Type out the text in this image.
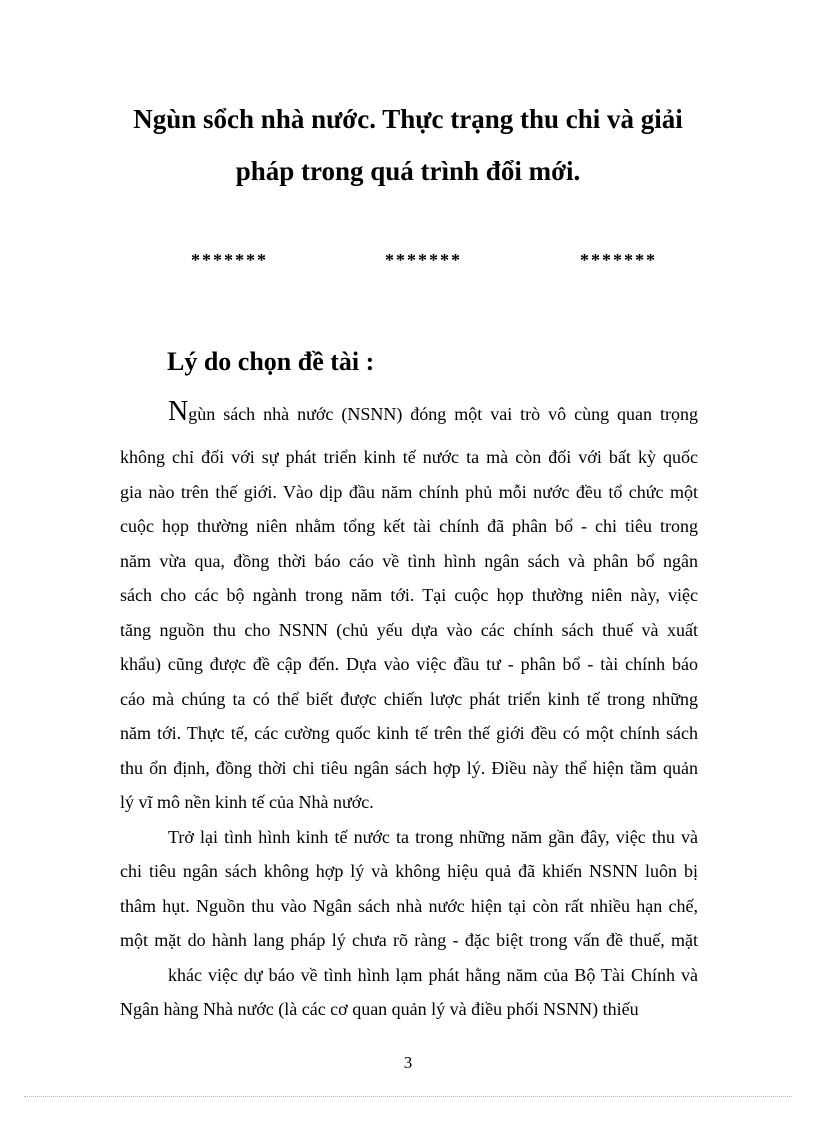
Ngùn sổch nhà nước. Thực trạng thu chi và giải
pháp trong quá trình đổi mới.
*******	*******	*******
Lý do chọn đề tài :
Ngùn sách nhà nước (NSNN) đóng một vai trò vô cùng quan trọng
không chỉ đối với sự phát triển kinh tế nước ta mà còn đối với bất kỳ quốc
gia nào trên thế giới. Vào dịp đầu năm chính phủ mỗi nước đều tổ chức một
cuộc họp thường niên nhằm tổng kết tài chính đã phân bổ - chi tiêu trong
năm vừa qua, đồng thời báo cáo về tình hình ngân sách và phân bổ ngân
sách cho các bộ ngành trong năm tới. Tại cuộc họp thường niên này, việc
tăng nguồn thu cho NSNN (chủ yếu dựa vào các chính sách thuế và xuất
khẩu) cũng được đề cập đến. Dựa vào việc đầu tư - phân bổ - tài chính báo
cáo mà chúng ta có thể biết được chiến lược phát triển kinh tế trong những
năm tới. Thực tế, các cường quốc kinh tế trên thế giới đều có một chính sách
thu ổn định, đồng thời chi tiêu ngân sách hợp lý. Điều này thể hiện tầm quản
lý vĩ mô nền kinh tế của Nhà nước.
Trở lại tình hình kinh tế nước ta trong những năm gần đây, việc thu và
chi tiêu ngân sách không hợp lý và không hiệu quả đã khiến NSNN luôn bị
thâm hụt. Nguồn thu vào Ngân sách nhà nước hiện tại còn rất nhiều hạn chế,
một mặt do hành lang pháp lý chưa rõ ràng - đặc biệt trong vấn đề thuế, mặt
khác việc dự báo về tình hình lạm phát hằng năm của Bộ Tài Chính và
Ngân hàng Nhà nước (là các cơ quan quản lý và điều phối NSNN) thiếu
3
